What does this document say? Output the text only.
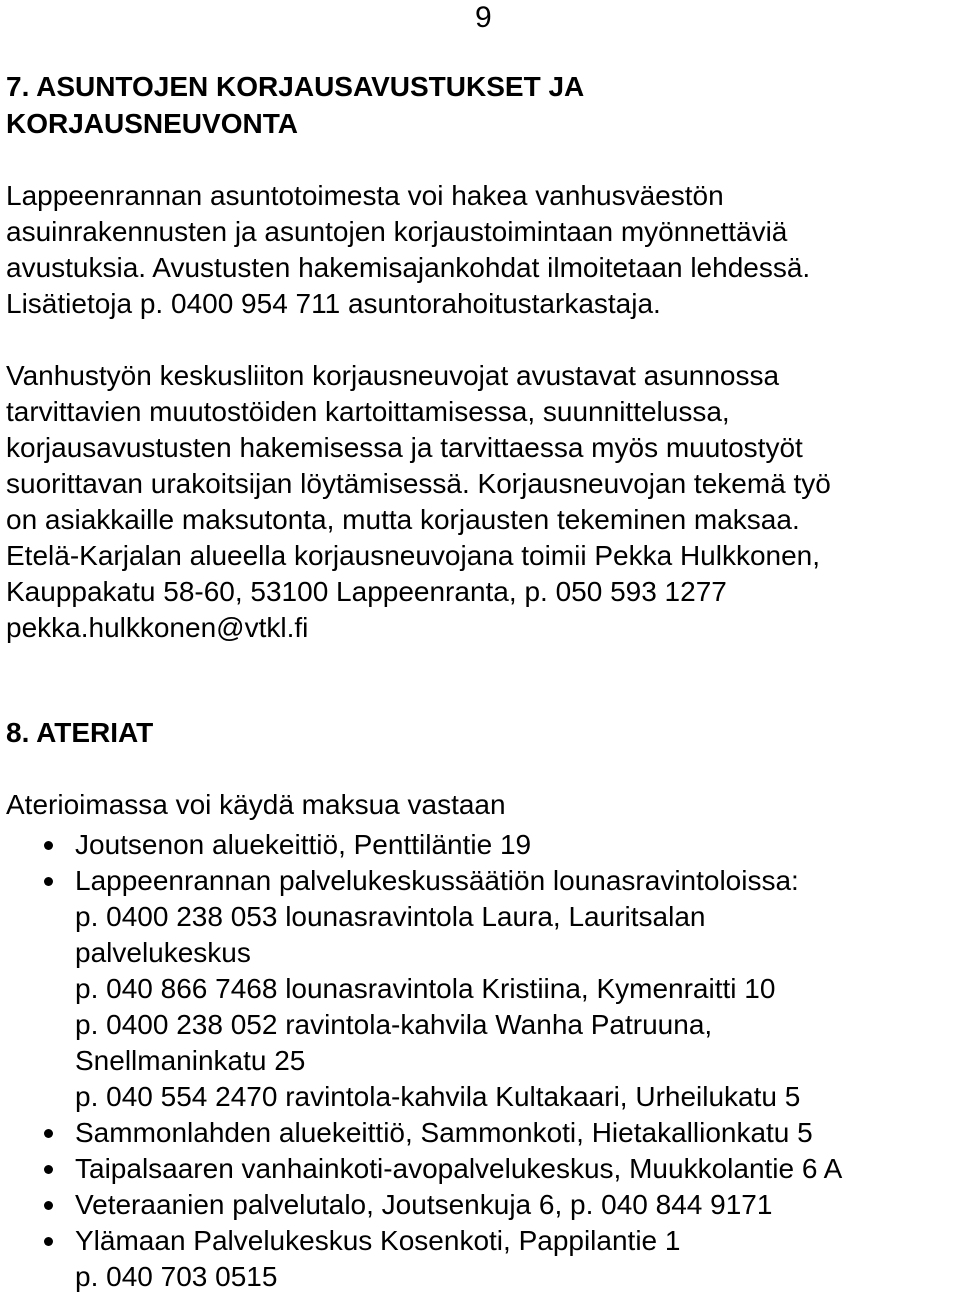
9
7. ASUNTOJEN KORJAUSAVUSTUKSET JA
KORJAUSNEUVONTA

Lappeenrannan asuntotoimesta voi hakea vanhusväestön
asuinrakennusten ja asuntojen korjaustoimintaan myönnettäviä
avustuksia. Avustusten hakemisajankohdat ilmoitetaan lehdessä.
Lisätietoja p. 0400 954 711 asuntorahoitustarkastaja.

Vanhustyön keskusliiton korjausneuvojat avustavat asunnossa
tarvittavien muutostöiden kartoittamisessa, suunnittelussa,
korjausavustusten hakemisessa ja tarvittaessa myös muutostyöt
suorittavan urakoitsijan löytämisessä. Korjausneuvojan tekemä työ
on asiakkaille maksutonta, mutta korjausten tekeminen maksaa.
Etelä-Karjalan alueella korjausneuvojana toimii Pekka Hulkkonen,
Kauppakatu 58-60, 53100 Lappeenranta, p. 050 593 1277
pekka.hulkkonen@vtkl.fi

8. ATERIAT

Aterioimassa voi käydä maksua vastaan

Joutsenon aluekeittiö, Penttiläntie 19
Lappeenrannan palvelukeskussäätiön lounasravintoloissa:
p. 0400 238 053 lounasravintola Laura, Lauritsalan
palvelukeskus
p. 040 866 7468 lounasravintola Kristiina, Kymenraitti 10
p. 0400 238 052 ravintola-kahvila Wanha Patruuna,
Snellmaninkatu 25
p. 040 554 2470 ravintola-kahvila Kultakaari, Urheilukatu 5
Sammonlahden aluekeittiö, Sammonkoti, Hietakallionkatu 5
Taipalsaaren vanhainkoti-avopalvelukeskus, Muukkolantie 6 A
Veteraanien palvelutalo, Joutsenkuja 6, p. 040 844 9171
Ylämaan Palvelukeskus Kosenkoti, Pappilantie 1
p. 040 703 0515
